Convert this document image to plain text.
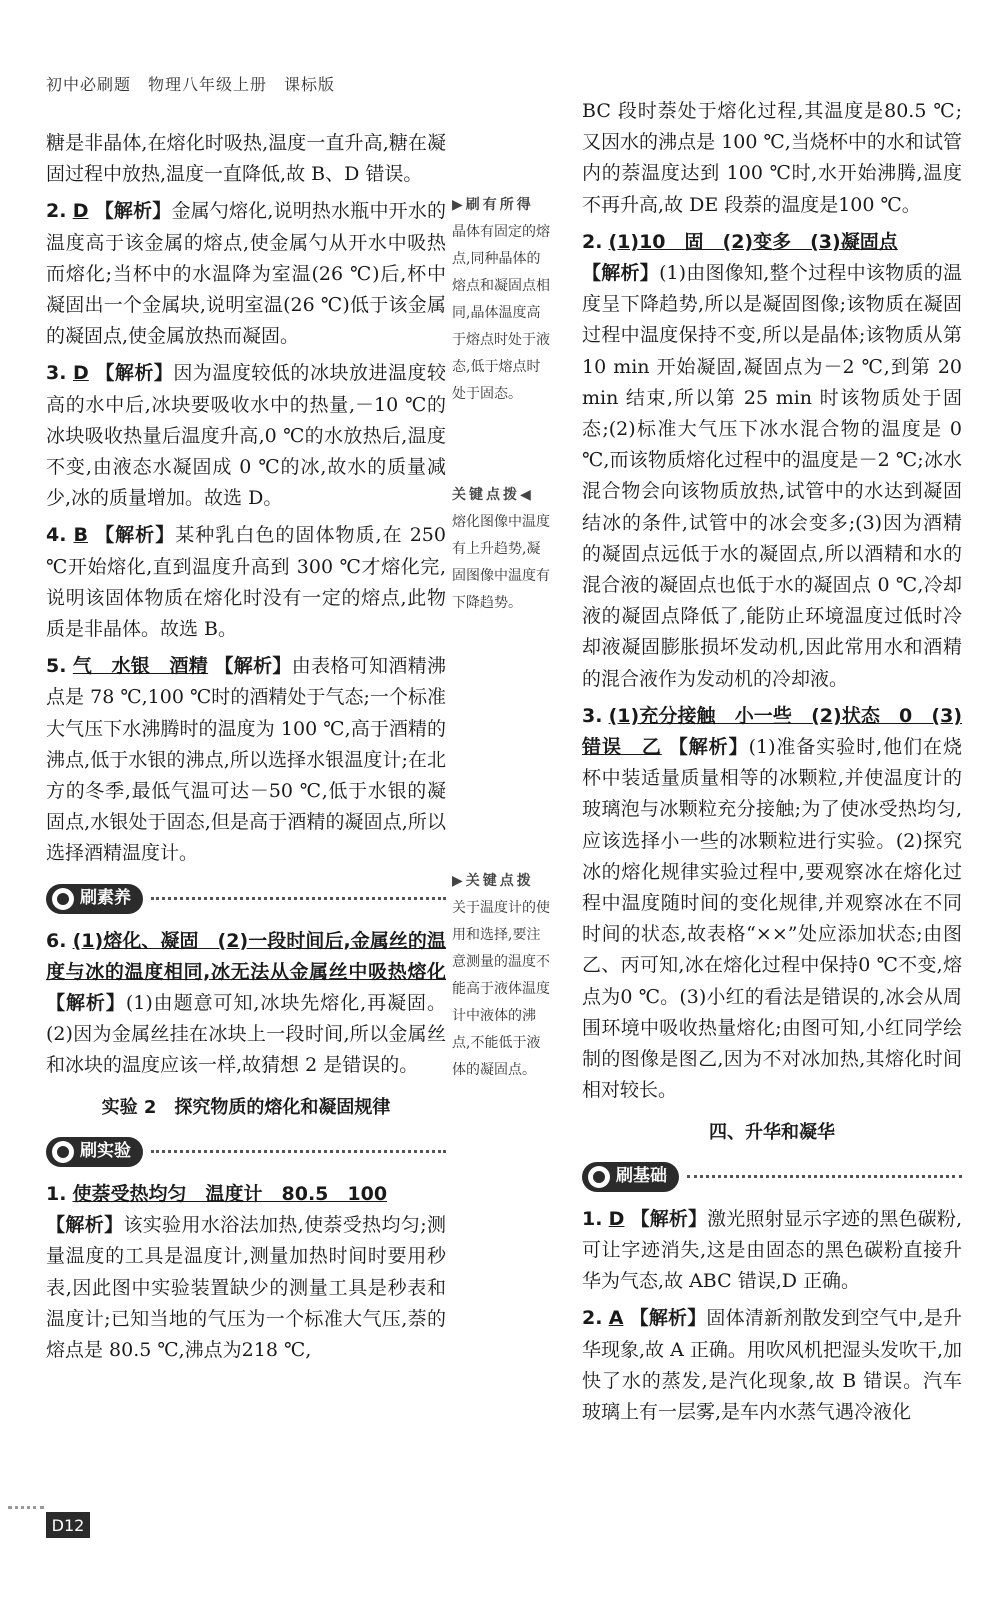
初中必刷题　物理八年级上册　课标版

糖是非晶体,在熔化时吸热,温度一直升高,糖在凝固过程中放热,温度一直降低,故 B、D 错误。

2. D 【解析】金属勺熔化,说明热水瓶中开水的温度高于该金属的熔点,使金属勺从开水中吸热而熔化;当杯中的水温降为室温(26 ℃)后,杯中凝固出一个金属块,说明室温(26 ℃)低于该金属的凝固点,使金属放热而凝固。

3. D 【解析】因为温度较低的冰块放进温度较高的水中后,冰块要吸收水中的热量,－10 ℃的冰块吸收热量后温度升高,0 ℃的水放热后,温度不变,由液态水凝固成 0 ℃的冰,故水的质量减少,冰的质量增加。故选 D。

4. B 【解析】某种乳白色的固体物质,在 250 ℃开始熔化,直到温度升高到 300 ℃才熔化完,说明该固体物质在熔化时没有一定的熔点,此物质是非晶体。故选 B。

5. 气　水银　酒精 【解析】由表格可知酒精沸点是 78 ℃,100 ℃时的酒精处于气态;一个标准大气压下水沸腾时的温度为 100 ℃,高于酒精的沸点,低于水银的沸点,所以选择水银温度计;在北方的冬季,最低气温可达－50 ℃,低于水银的凝固点,水银处于固态,但是高于酒精的凝固点,所以选择酒精温度计。

刷素养

6. (1)熔化、凝固　(2)一段时间后,金属丝的温度与冰的温度相同,冰无法从金属丝中吸热熔化 【解析】(1)由题意可知,冰块先熔化,再凝固。(2)因为金属丝挂在冰块上一段时间,所以金属丝和冰块的温度应该一样,故猜想 2 是错误的。

实验 2　探究物质的熔化和凝固规律
刷实验

1. 使萘受热均匀　温度计　80.5　100
【解析】该实验用水浴法加热,使萘受热均匀;测量温度的工具是温度计,测量加热时间时要用秒表,因此图中实验装置缺少的测量工具是秒表和温度计;已知当地的气压为一个标准大气压,萘的熔点是 80.5 ℃,沸点为218 ℃,

▶刷有所得
晶体有固定的熔点,同种晶体的熔点和凝固点相同,晶体温度高于熔点时处于液态,低于熔点时处于固态。
关键点拨◀
熔化图像中温度有上升趋势,凝固图像中温度有下降趋势。
▶关键点拨
关于温度计的使用和选择,要注意测量的温度不能高于液体温度计中液体的沸点,不能低于液体的凝固点。

BC 段时萘处于熔化过程,其温度是80.5 ℃;又因水的沸点是 100 ℃,当烧杯中的水和试管内的萘温度达到 100 ℃时,水开始沸腾,温度不再升高,故 DE 段萘的温度是100 ℃。

2. (1)10　固　(2)变多　(3)凝固点
【解析】(1)由图像知,整个过程中该物质的温度呈下降趋势,所以是凝固图像;该物质在凝固过程中温度保持不变,所以是晶体;该物质从第 10 min 开始凝固,凝固点为－2 ℃,到第 20 min 结束,所以第 25 min 时该物质处于固态;(2)标准大气压下冰水混合物的温度是 0 ℃,而该物质熔化过程中的温度是－2 ℃;冰水混合物会向该物质放热,试管中的水达到凝固结冰的条件,试管中的冰会变多;(3)因为酒精的凝固点远低于水的凝固点,所以酒精和水的混合液的凝固点也低于水的凝固点 0 ℃,冷却液的凝固点降低了,能防止环境温度过低时冷却液凝固膨胀损坏发动机,因此常用水和酒精的混合液作为发动机的冷却液。

3. (1)充分接触　小一些　(2)状态　0　(3)错误　乙 【解析】(1)准备实验时,他们在烧杯中装适量质量相等的冰颗粒,并使温度计的玻璃泡与冰颗粒充分接触;为了使冰受热均匀,应该选择小一些的冰颗粒进行实验。(2)探究冰的熔化规律实验过程中,要观察冰在熔化过程中温度随时间的变化规律,并观察冰在不同时间的状态,故表格“××”处应添加状态;由图乙、丙可知,冰在熔化过程中保持0 ℃不变,熔点为0 ℃。(3)小红的看法是错误的,冰会从周围环境中吸收热量熔化;由图可知,小红同学绘制的图像是图乙,因为不对冰加热,其熔化时间相对较长。

四、升华和凝华
刷基础

1. D 【解析】激光照射显示字迹的黑色碳粉,可让字迹消失,这是由固态的黑色碳粉直接升华为气态,故 ABC 错误,D 正确。

2. A 【解析】固体清新剂散发到空气中,是升华现象,故 A 正确。用吹风机把湿头发吹干,加快了水的蒸发,是汽化现象,故 B 错误。汽车玻璃上有一层雾,是车内水蒸气遇冷液化

D12
